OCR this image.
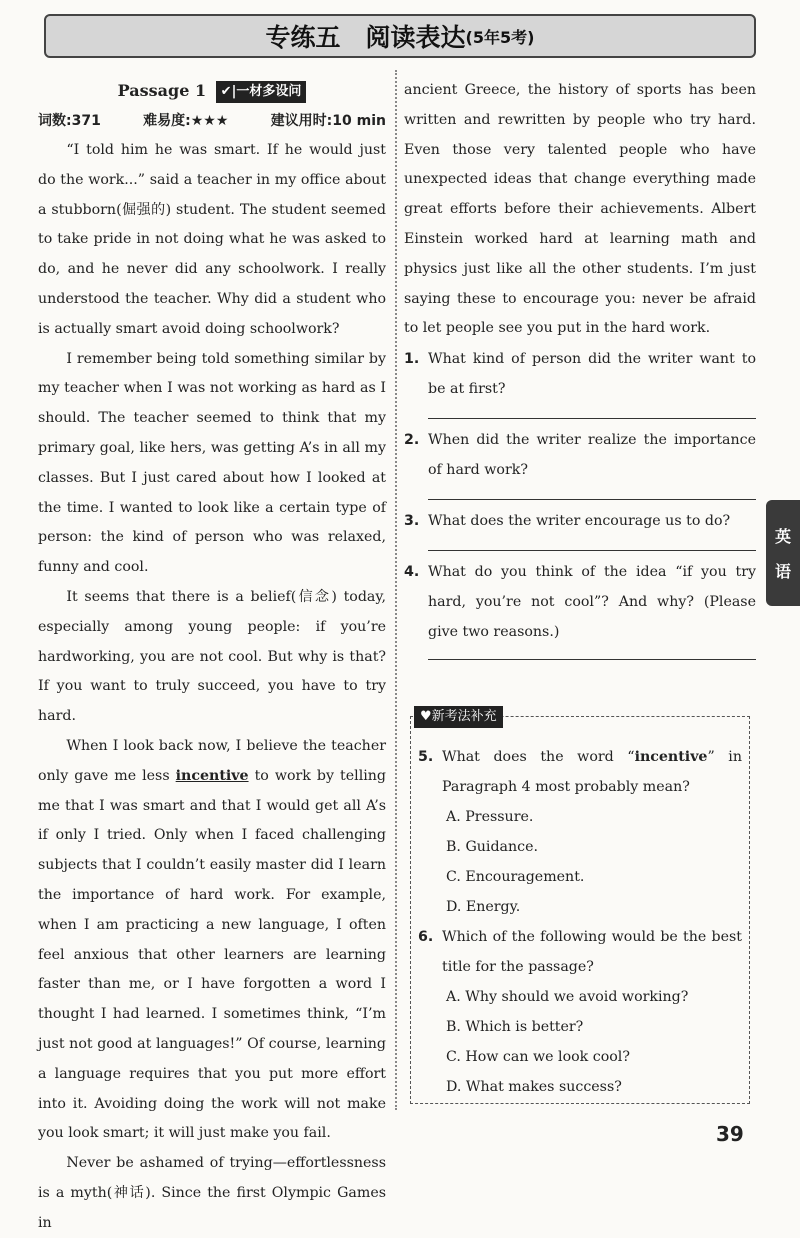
专练五　阅读表达 (5年5考)
Passage 1 ✔|一材多设问
词数:371	难易度:★★★	建议用时:10 min

“I told him he was smart. If he would just do the work...” said a teacher in my office about a stubborn(倔强的) student. The student seemed to take pride in not doing what he was asked to do, and he never did any schoolwork. I really understood the teacher. Why did a student who is actually smart avoid doing schoolwork?

I remember being told something similar by my teacher when I was not working as hard as I should. The teacher seemed to think that my primary goal, like hers, was getting A’s in all my classes. But I just cared about how I looked at the time. I wanted to look like a certain type of person: the kind of person who was relaxed, funny and cool.

It seems that there is a belief(信念) today, especially among young people: if you’re hardworking, you are not cool. But why is that? If you want to truly succeed, you have to try hard.

When I look back now, I believe the teacher only gave me less incentive to work by telling me that I was smart and that I would get all A’s if only I tried. Only when I faced challenging subjects that I couldn’t easily master did I learn the importance of hard work. For example, when I am practicing a new language, I often feel anxious that other learners are learning faster than me, or I have forgotten a word I thought I had learned. I sometimes think, “I’m just not good at languages!” Of course, learning a language requires that you put more effort into it. Avoiding doing the work will not make you look smart; it will just make you fail.

Never be ashamed of trying—effortlessness is a myth(神话). Since the first Olympic Games in

ancient Greece, the history of sports has been written and rewritten by people who try hard. Even those very talented people who have unexpected ideas that change everything made great efforts before their achievements. Albert Einstein worked hard at learning math and physics just like all the other students. I’m just saying these to encourage you: never be afraid to let people see you put in the hard work.

1. What kind of person did the writer want to be at first?
2. When did the writer realize the importance of hard work?
3. What does the writer encourage us to do?
4. What do you think of the idea “if you try hard, you’re not cool”? And why? (Please give two reasons.)
♥新考法补充
5. What does the word “incentive” in Paragraph 4 most probably mean?
A. Pressure.
B. Guidance.
C. Encouragement.
D. Energy.
6. Which of the following would be the best title for the passage?
A. Why should we avoid working?
B. Which is better?
C. How can we look cool?
D. What makes success?
英
语
39
